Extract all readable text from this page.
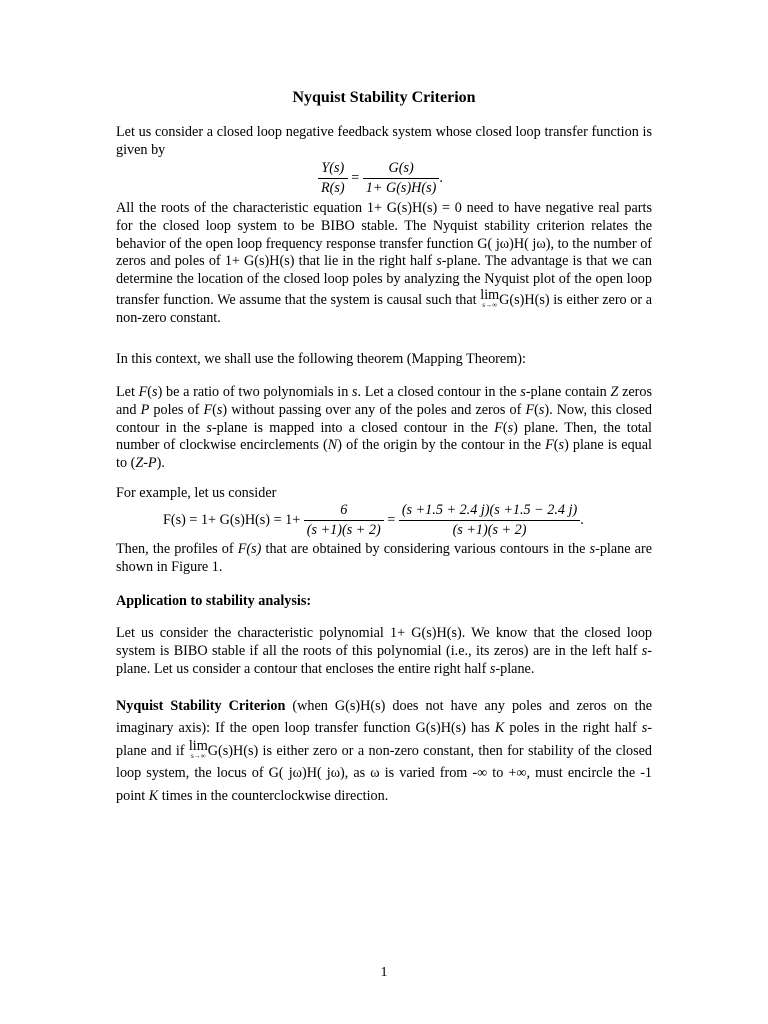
Nyquist Stability Criterion
Let us consider a closed loop negative feedback system whose closed loop transfer function is given by
$\frac{Y(s)}{R(s)} = \frac{G(s)}{1+ G(s)H(s)}$ .
All the roots of the characteristic equation 1+ G(s)H(s) = 0 need to have negative real parts for the closed loop system to be BIBO stable. The Nyquist stability criterion relates the behavior of the open loop frequency response transfer function G( jω)H( jω), to the number of zeros and poles of 1+ G(s)H(s) that lie in the right half s-plane. The advantage is that we can determine the location of the closed loop poles by analyzing the Nyquist plot of the open loop transfer function. We assume that the system is causal such that lim
s→∞ G(s)H(s) is either zero or a non-zero constant.
In this context, we shall use the following theorem (Mapping Theorem):
Let F(s) be a ratio of two polynomials in s. Let a closed contour in the s-plane contain Z zeros and P poles of F(s) without passing over any of the poles and zeros of F(s). Now, this closed contour in the s-plane is mapped into a closed contour in the F(s) plane. Then, the total number of clockwise encirclements (N) of the origin by the contour in the F(s) plane is equal to (Z-P).
For example, let us consider
$F(s) = 1+ G(s)H(s) = 1+ \frac{6}{(s +1)(s + 2)} = \frac{(s +1.5 + 2.4 j)(s +1.5 - 2.4 j)}{(s +1)(s + 2)}$ .
Then, the profiles of F(s) that are obtained by considering various contours in the s-plane are shown in Figure 1.
Application to stability analysis:
Let us consider the characteristic polynomial 1+ G(s)H(s). We know that the closed loop system is BIBO stable if all the roots of this polynomial (i.e., its zeros) are in the left half s-plane. Let us consider a contour that encloses the entire right half s-plane.
Nyquist Stability Criterion (when G(s)H(s) does not have any poles and zeros on the imaginary axis): If the open loop transfer function G(s)H(s) has K poles in the right half s-plane and if lim
s→∞ G(s)H(s) is either zero or a non-zero constant, then for stability of the closed loop system, the locus of G( jω)H( jω), as ω is varied from -∞ to +∞, must encircle the -1 point K times in the counterclockwise direction.
1
